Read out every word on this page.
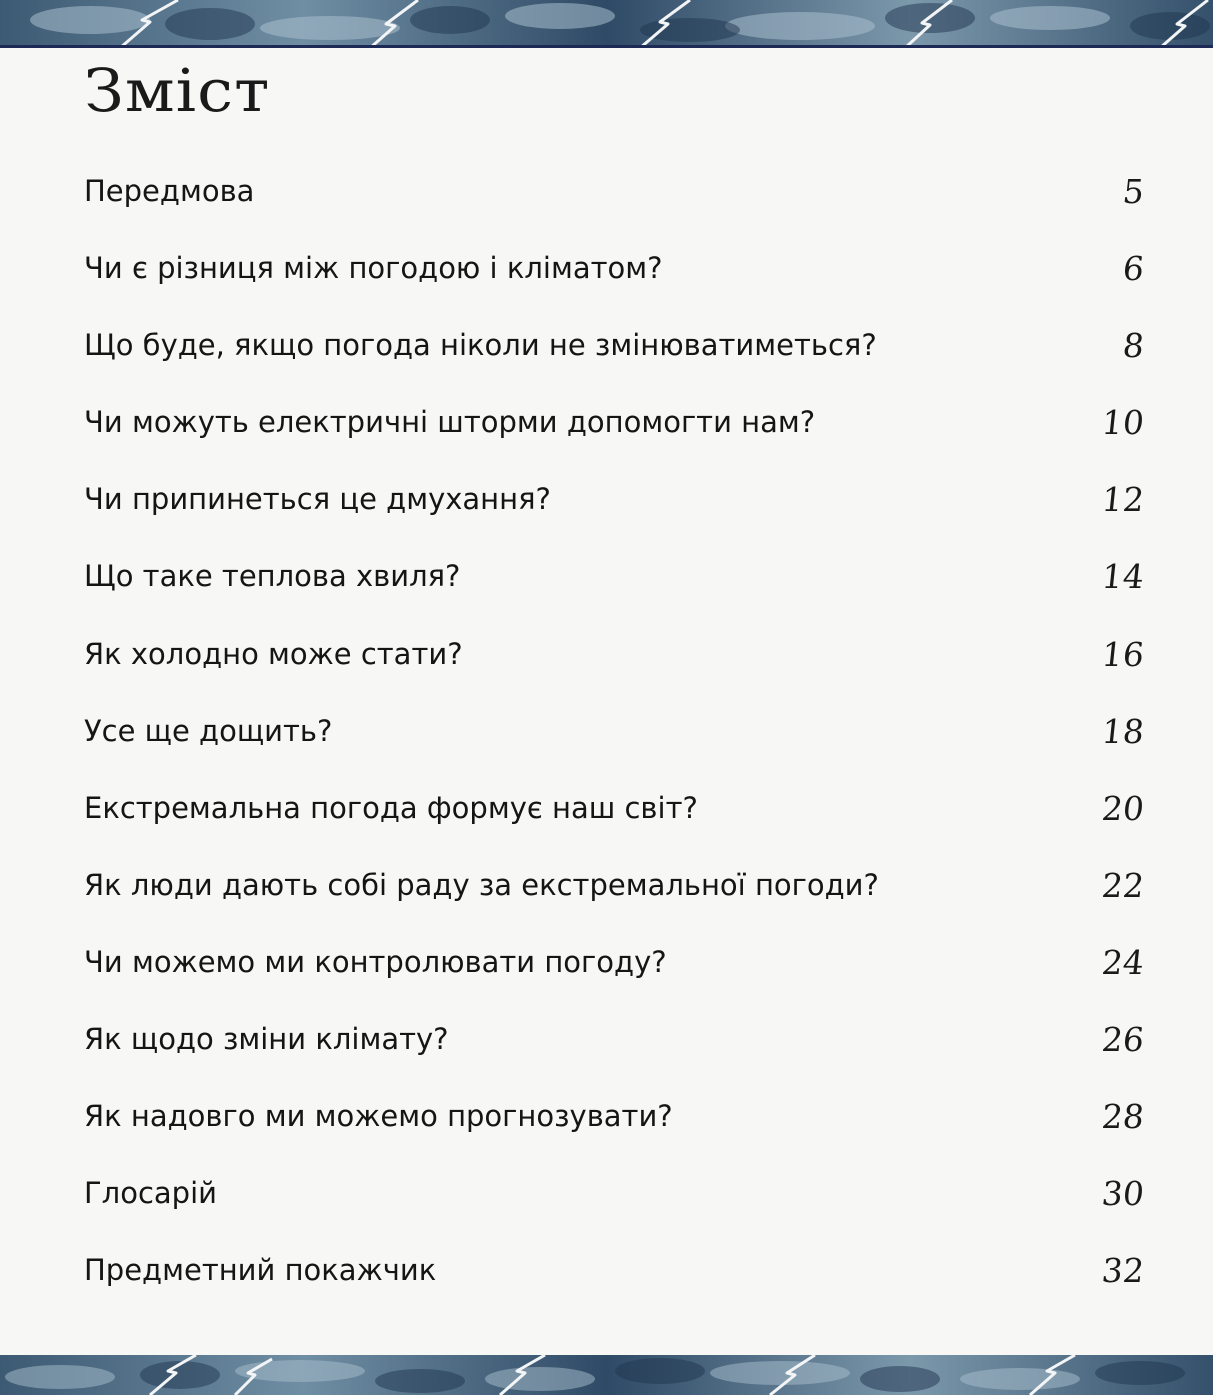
Зміст
Передмова	5
Чи є різниця між погодою і кліматом?	6
Що буде, якщо погода ніколи не змінюватиметься?	8
Чи можуть електричні шторми допомогти нам?	10
Чи припинеться це дмухання?	12
Що таке теплова хвиля?	14
Як холодно може стати?	16
Усе ще дощить?	18
Екстремальна погода формує наш світ?	20
Як люди дають собі раду за екстремальної погоди?	22
Чи можемо ми контролювати погоду?	24
Як щодо зміни клімату?	26
Як надовго ми можемо прогнозувати?	28
Глосарій	30
Предметний покажчик	32
